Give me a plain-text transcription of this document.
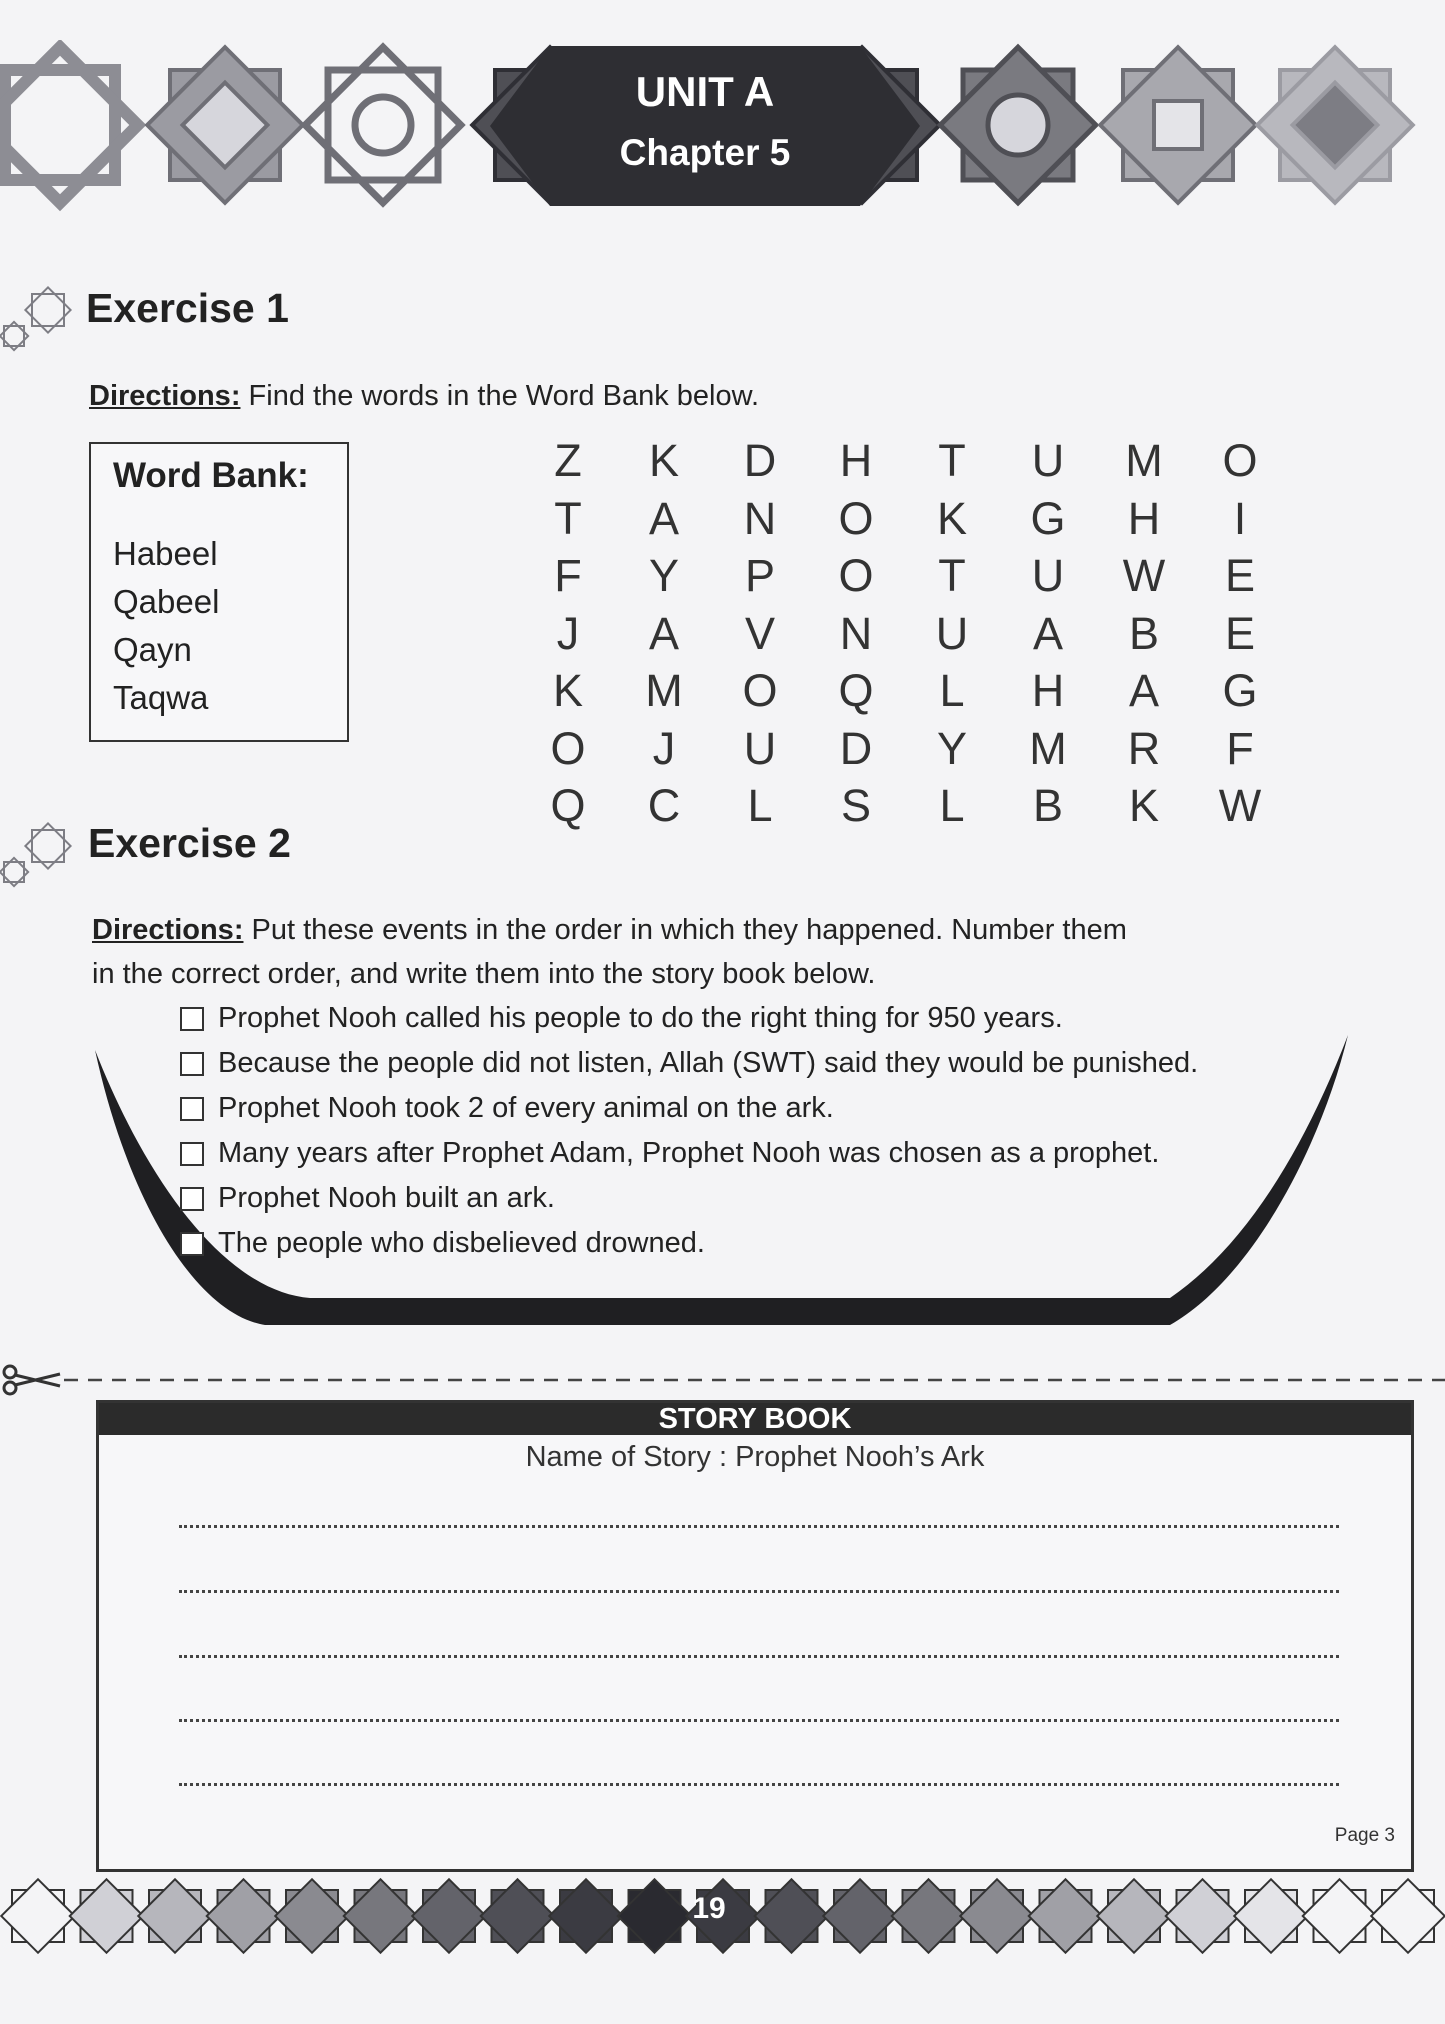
UNIT A
Chapter 5
Exercise 1
Directions: Find the words in the Word Bank below.
Word Bank:
Habeel
Qabeel
Qayn
Taqwa
Z	K	D	H	T	U	M	O
T	A	N	O	K	G	H	I
F	Y	P	O	T	U	W	E
J	A	V	N	U	A	B	E
K	M	O	Q	L	H	A	G
O	J	U	D	Y	M	R	F
Q	C	L	S	L	B	K	W
Exercise 2
Directions: Put these events in the order in which they happened. Number them
in the correct order, and write them into the story book below.
Prophet Nooh called his people to do the right thing for 950 years.
Because the people did not listen, Allah (SWT) said they would be punished.
Prophet Nooh took 2 of every animal on the ark.
Many years after Prophet Adam, Prophet Nooh was chosen as a prophet.
Prophet Nooh built an ark.
The people who disbelieved drowned.
STORY BOOK
Name of Story : Prophet Nooh’s Ark
Page 3
19
